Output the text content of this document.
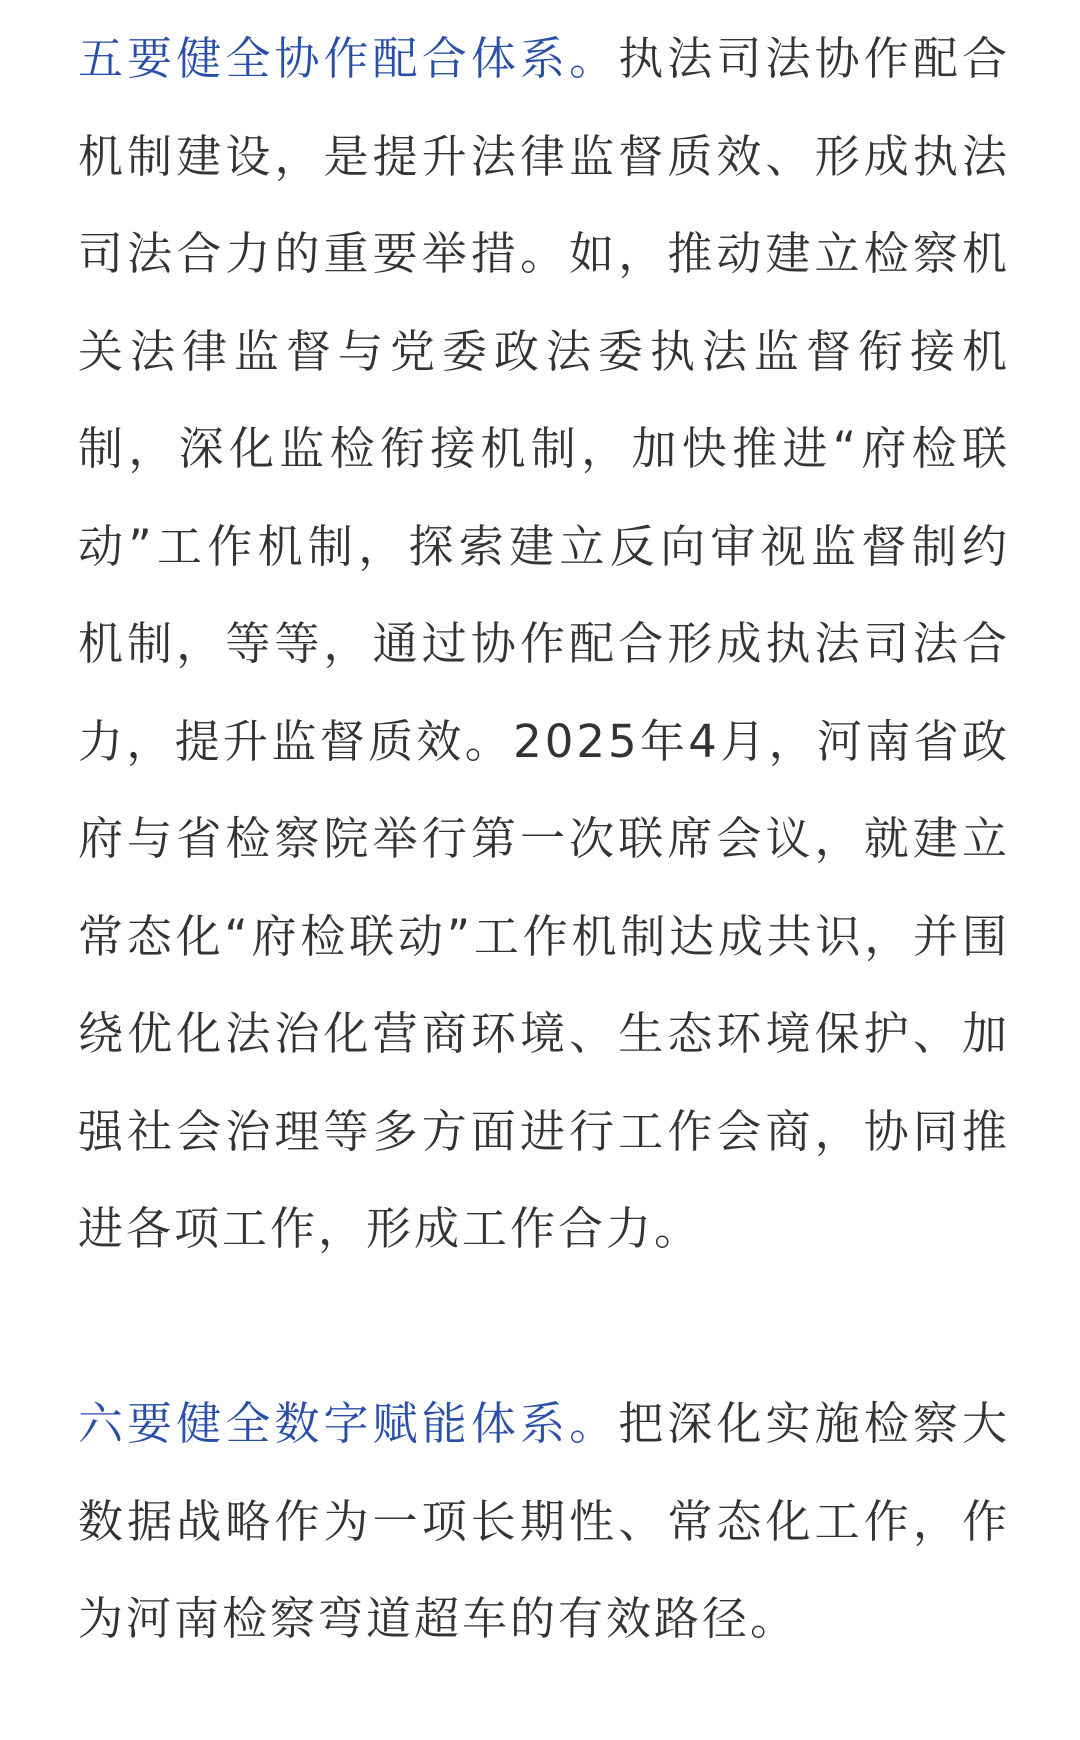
五要健全协作配合体系。执法司法协作配合机制建设，是提升法律监督质效、形成执法司法合力的重要举措。如，推动建立检察机关法律监督与党委政法委执法监督衔接机制，深化监检衔接机制，加快推进“府检联动”工作机制，探索建立反向审视监督制约机制，等等，通过协作配合形成执法司法合力，提升监督质效。2025年4月，河南省政府与省检察院举行第一次联席会议，就建立常态化“府检联动”工作机制达成共识，并围绕优化法治化营商环境、生态环境保护、加强社会治理等多方面进行工作会商，协同推进各项工作，形成工作合力。

六要健全数字赋能体系。把深化实施检察大数据战略作为一项长期性、常态化工作，作为河南检察弯道超车的有效路径。
